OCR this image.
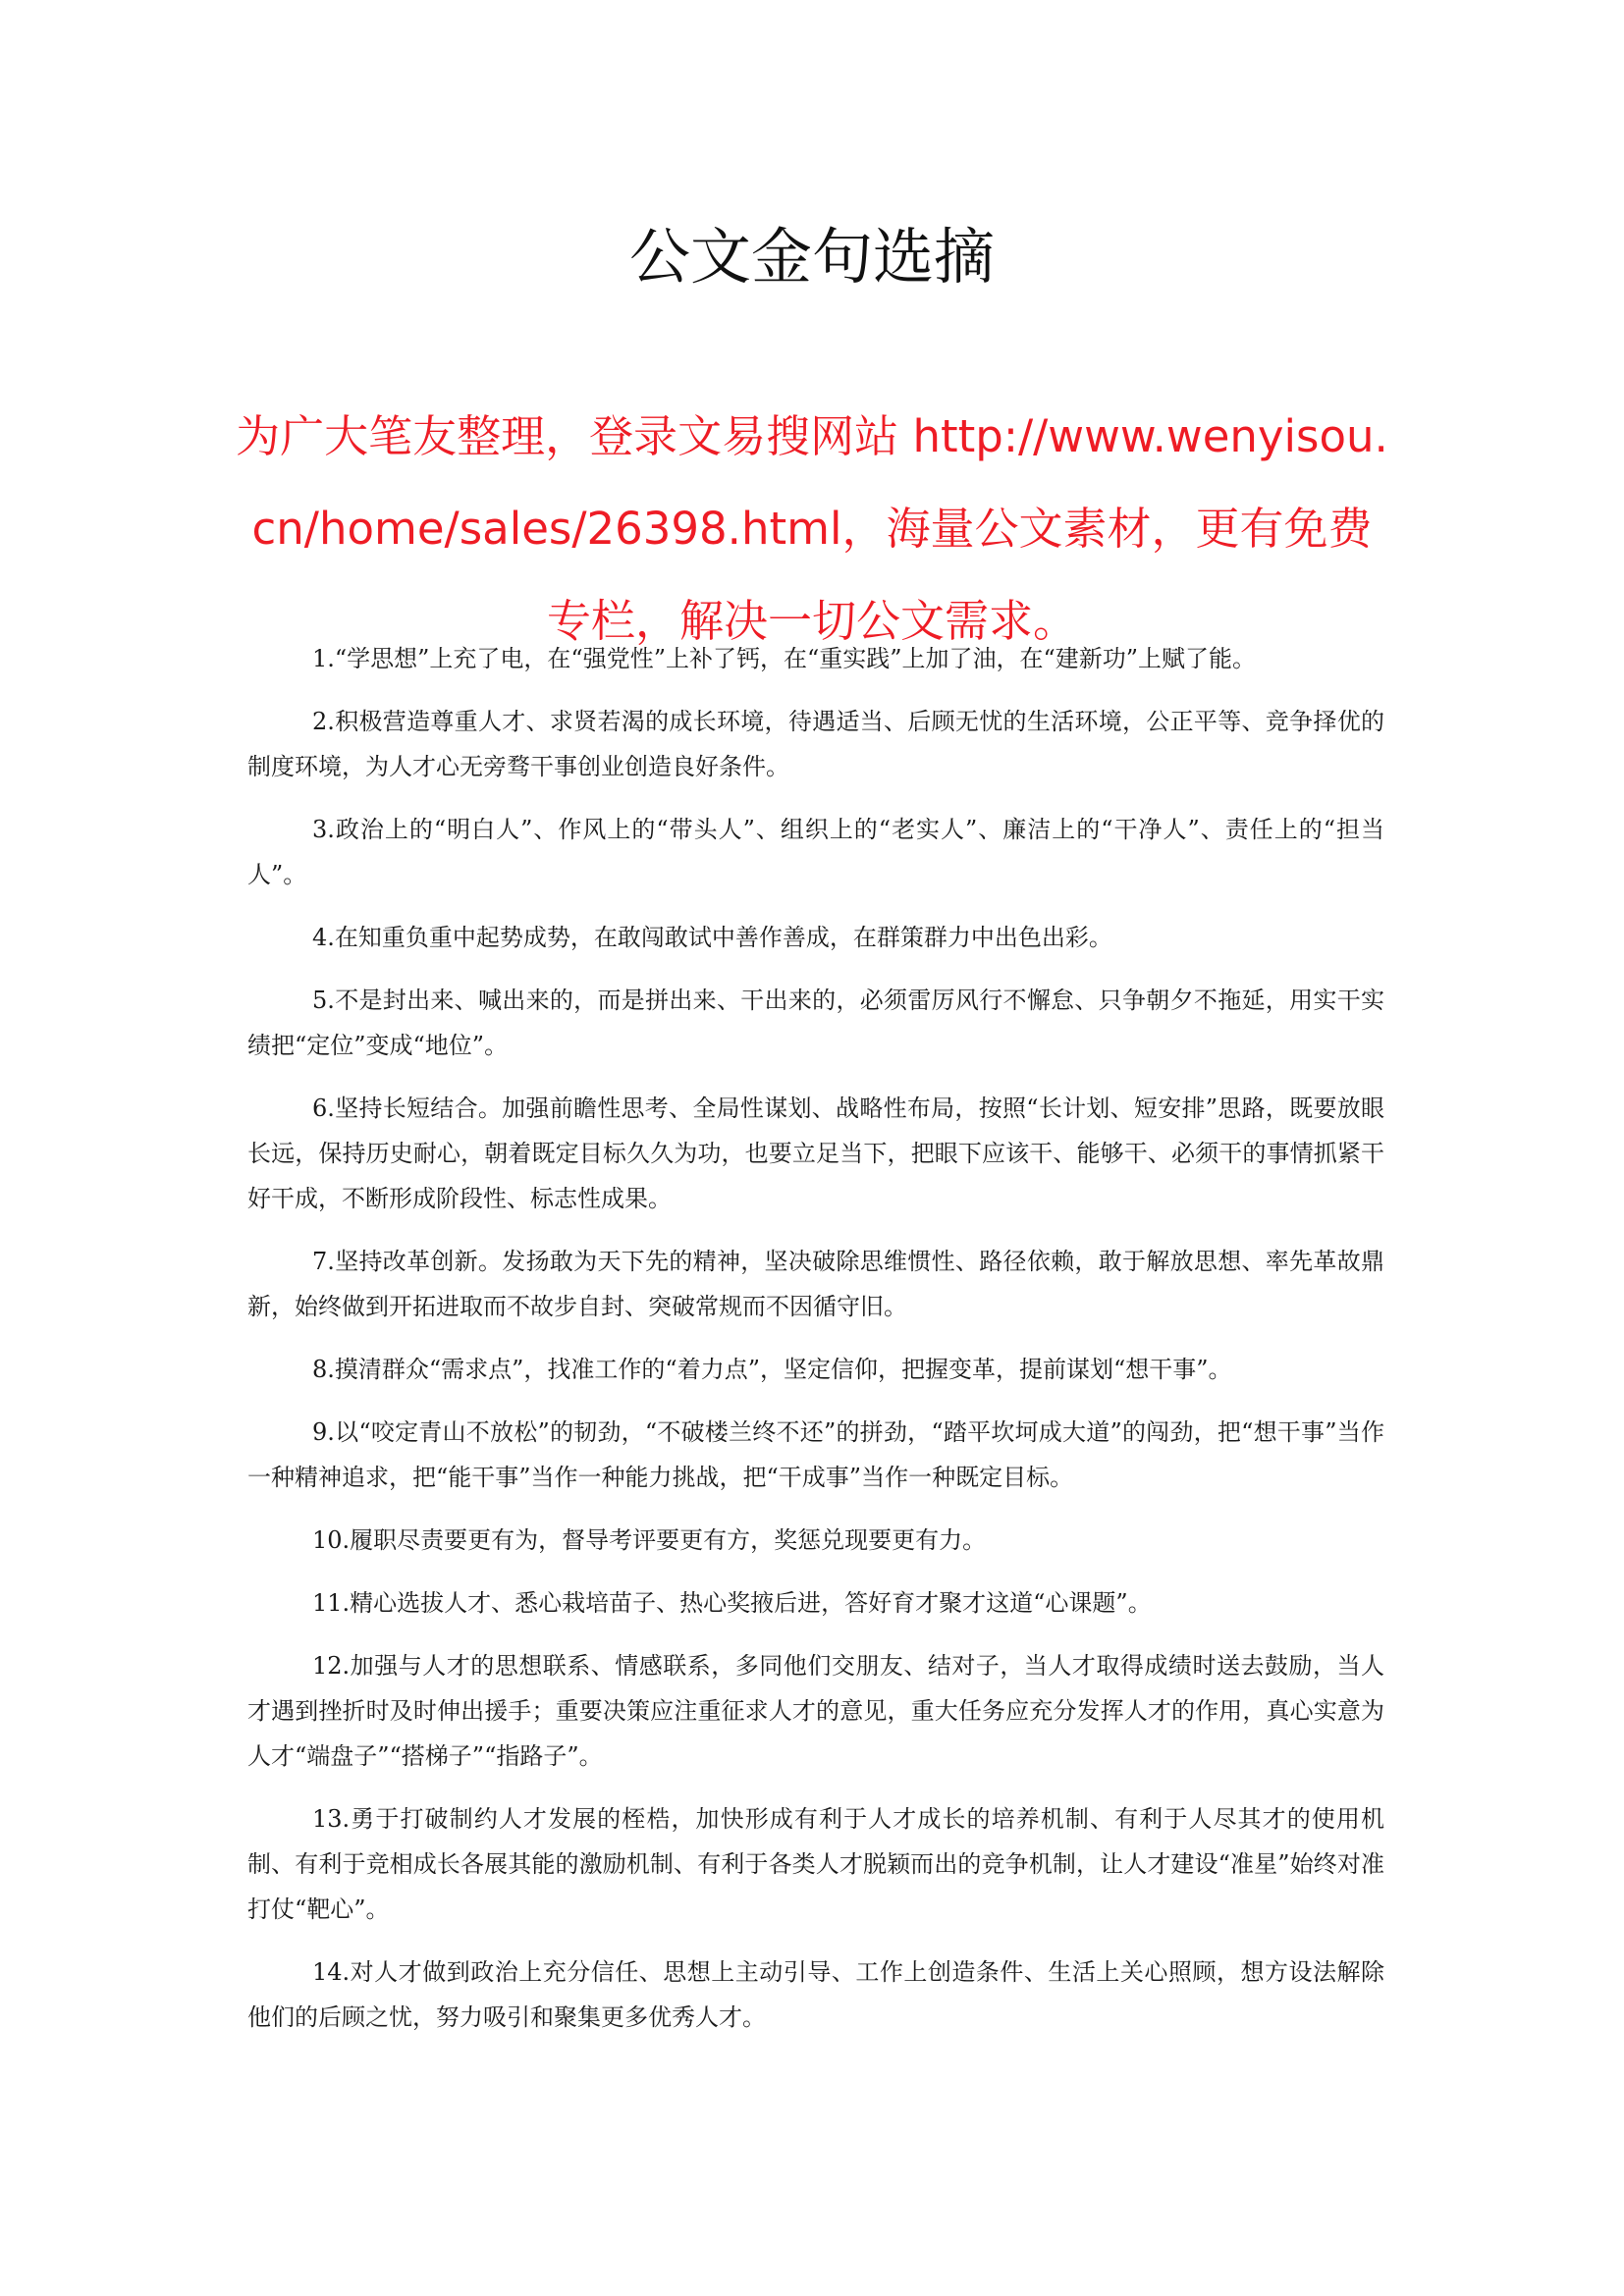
公文金句选摘

为广大笔友整理，登录文易搜网站 http://www.wenyisou.cn/home/sales/26398.html，海量公文素材，更有免费专栏，解决一切公文需求。

1.“学思想”上充了电，在“强党性”上补了钙，在“重实践”上加了油，在“建新功”上赋了能。
2.积极营造尊重人才、求贤若渴的成长环境，待遇适当、后顾无忧的生活环境，公正平等、竞争择优的制度环境，为人才心无旁骛干事创业创造良好条件。
3.政治上的“明白人”、作风上的“带头人”、组织上的“老实人”、廉洁上的“干净人”、责任上的“担当人”。
4.在知重负重中起势成势，在敢闯敢试中善作善成，在群策群力中出色出彩。
5.不是封出来、喊出来的，而是拼出来、干出来的，必须雷厉风行不懈怠、只争朝夕不拖延，用实干实绩把“定位”变成“地位”。
6.坚持长短结合。加强前瞻性思考、全局性谋划、战略性布局，按照“长计划、短安排”思路，既要放眼长远，保持历史耐心，朝着既定目标久久为功，也要立足当下，把眼下应该干、能够干、必须干的事情抓紧干好干成，不断形成阶段性、标志性成果。
7.坚持改革创新。发扬敢为天下先的精神，坚决破除思维惯性、路径依赖，敢于解放思想、率先革故鼎新，始终做到开拓进取而不故步自封、突破常规而不因循守旧。
8.摸清群众“需求点”，找准工作的“着力点”，坚定信仰，把握变革，提前谋划“想干事”。
9.以“咬定青山不放松”的韧劲，“不破楼兰终不还”的拼劲，“踏平坎坷成大道”的闯劲，把“想干事”当作一种精神追求，把“能干事”当作一种能力挑战，把“干成事”当作一种既定目标。
10.履职尽责要更有为，督导考评要更有方，奖惩兑现要更有力。
11.精心选拔人才、悉心栽培苗子、热心奖掖后进，答好育才聚才这道“心课题”。
12.加强与人才的思想联系、情感联系，多同他们交朋友、结对子，当人才取得成绩时送去鼓励，当人才遇到挫折时及时伸出援手；重要决策应注重征求人才的意见，重大任务应充分发挥人才的作用，真心实意为人才“端盘子”“搭梯子”“指路子”。
13.勇于打破制约人才发展的桎梏，加快形成有利于人才成长的培养机制、有利于人尽其才的使用机制、有利于竞相成长各展其能的激励机制、有利于各类人才脱颖而出的竞争机制，让人才建设“准星”始终对准打仗“靶心”。
14.对人才做到政治上充分信任、思想上主动引导、工作上创造条件、生活上关心照顾，想方设法解除他们的后顾之忧，努力吸引和聚集更多优秀人才。
